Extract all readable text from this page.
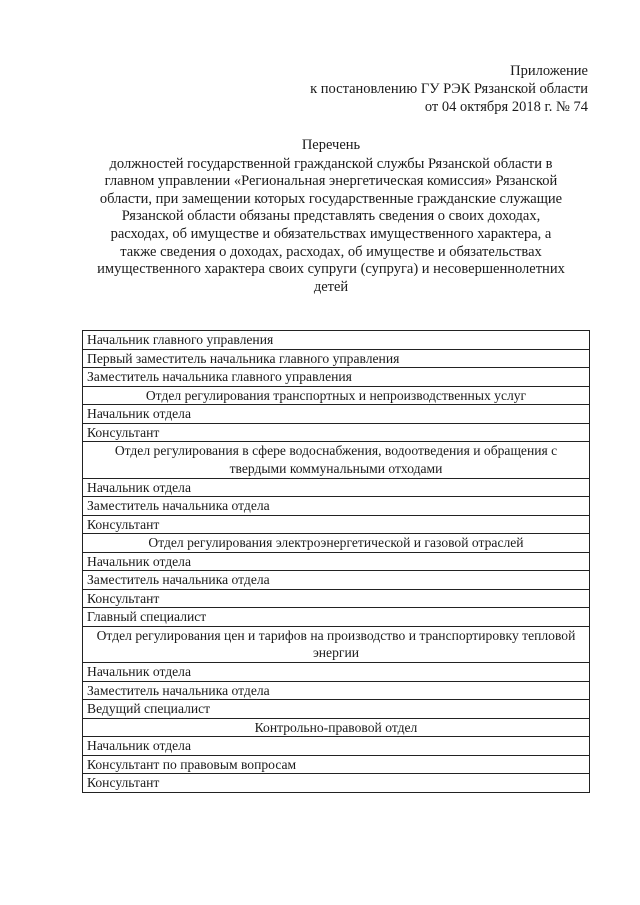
Приложение
к постановлению ГУ РЭК Рязанской области
от 04 октября 2018 г. № 74
Перечень
должностей государственной гражданской службы Рязанской области в
главном управлении «Региональная энергетическая комиссия» Рязанской
области, при замещении которых государственные гражданские служащие
Рязанской области обязаны представлять сведения о своих доходах,
расходах, об имуществе и обязательствах имущественного характера, а
также сведения о доходах, расходах, об имуществе и обязательствах
имущественного характера своих супруги (супруга) и несовершеннолетних
детей
Начальник главного управления
Первый заместитель начальника главного управления
Заместитель начальника главного управления
Отдел регулирования транспортных и непроизводственных услуг
Начальник отдела
Консультант
Отдел регулирования в сфере водоснабжения, водоотведения и обращения с твердыми коммунальными отходами
Начальник отдела
Заместитель начальника отдела
Консультант
Отдел регулирования электроэнергетической и газовой отраслей
Начальник отдела
Заместитель начальника отдела
Консультант
Главный специалист
Отдел регулирования цен и тарифов на производство и транспортировку тепловой энергии
Начальник отдела
Заместитель начальника отдела
Ведущий специалист
Контрольно-правовой отдел
Начальник отдела
Консультант по правовым вопросам
Консультант
